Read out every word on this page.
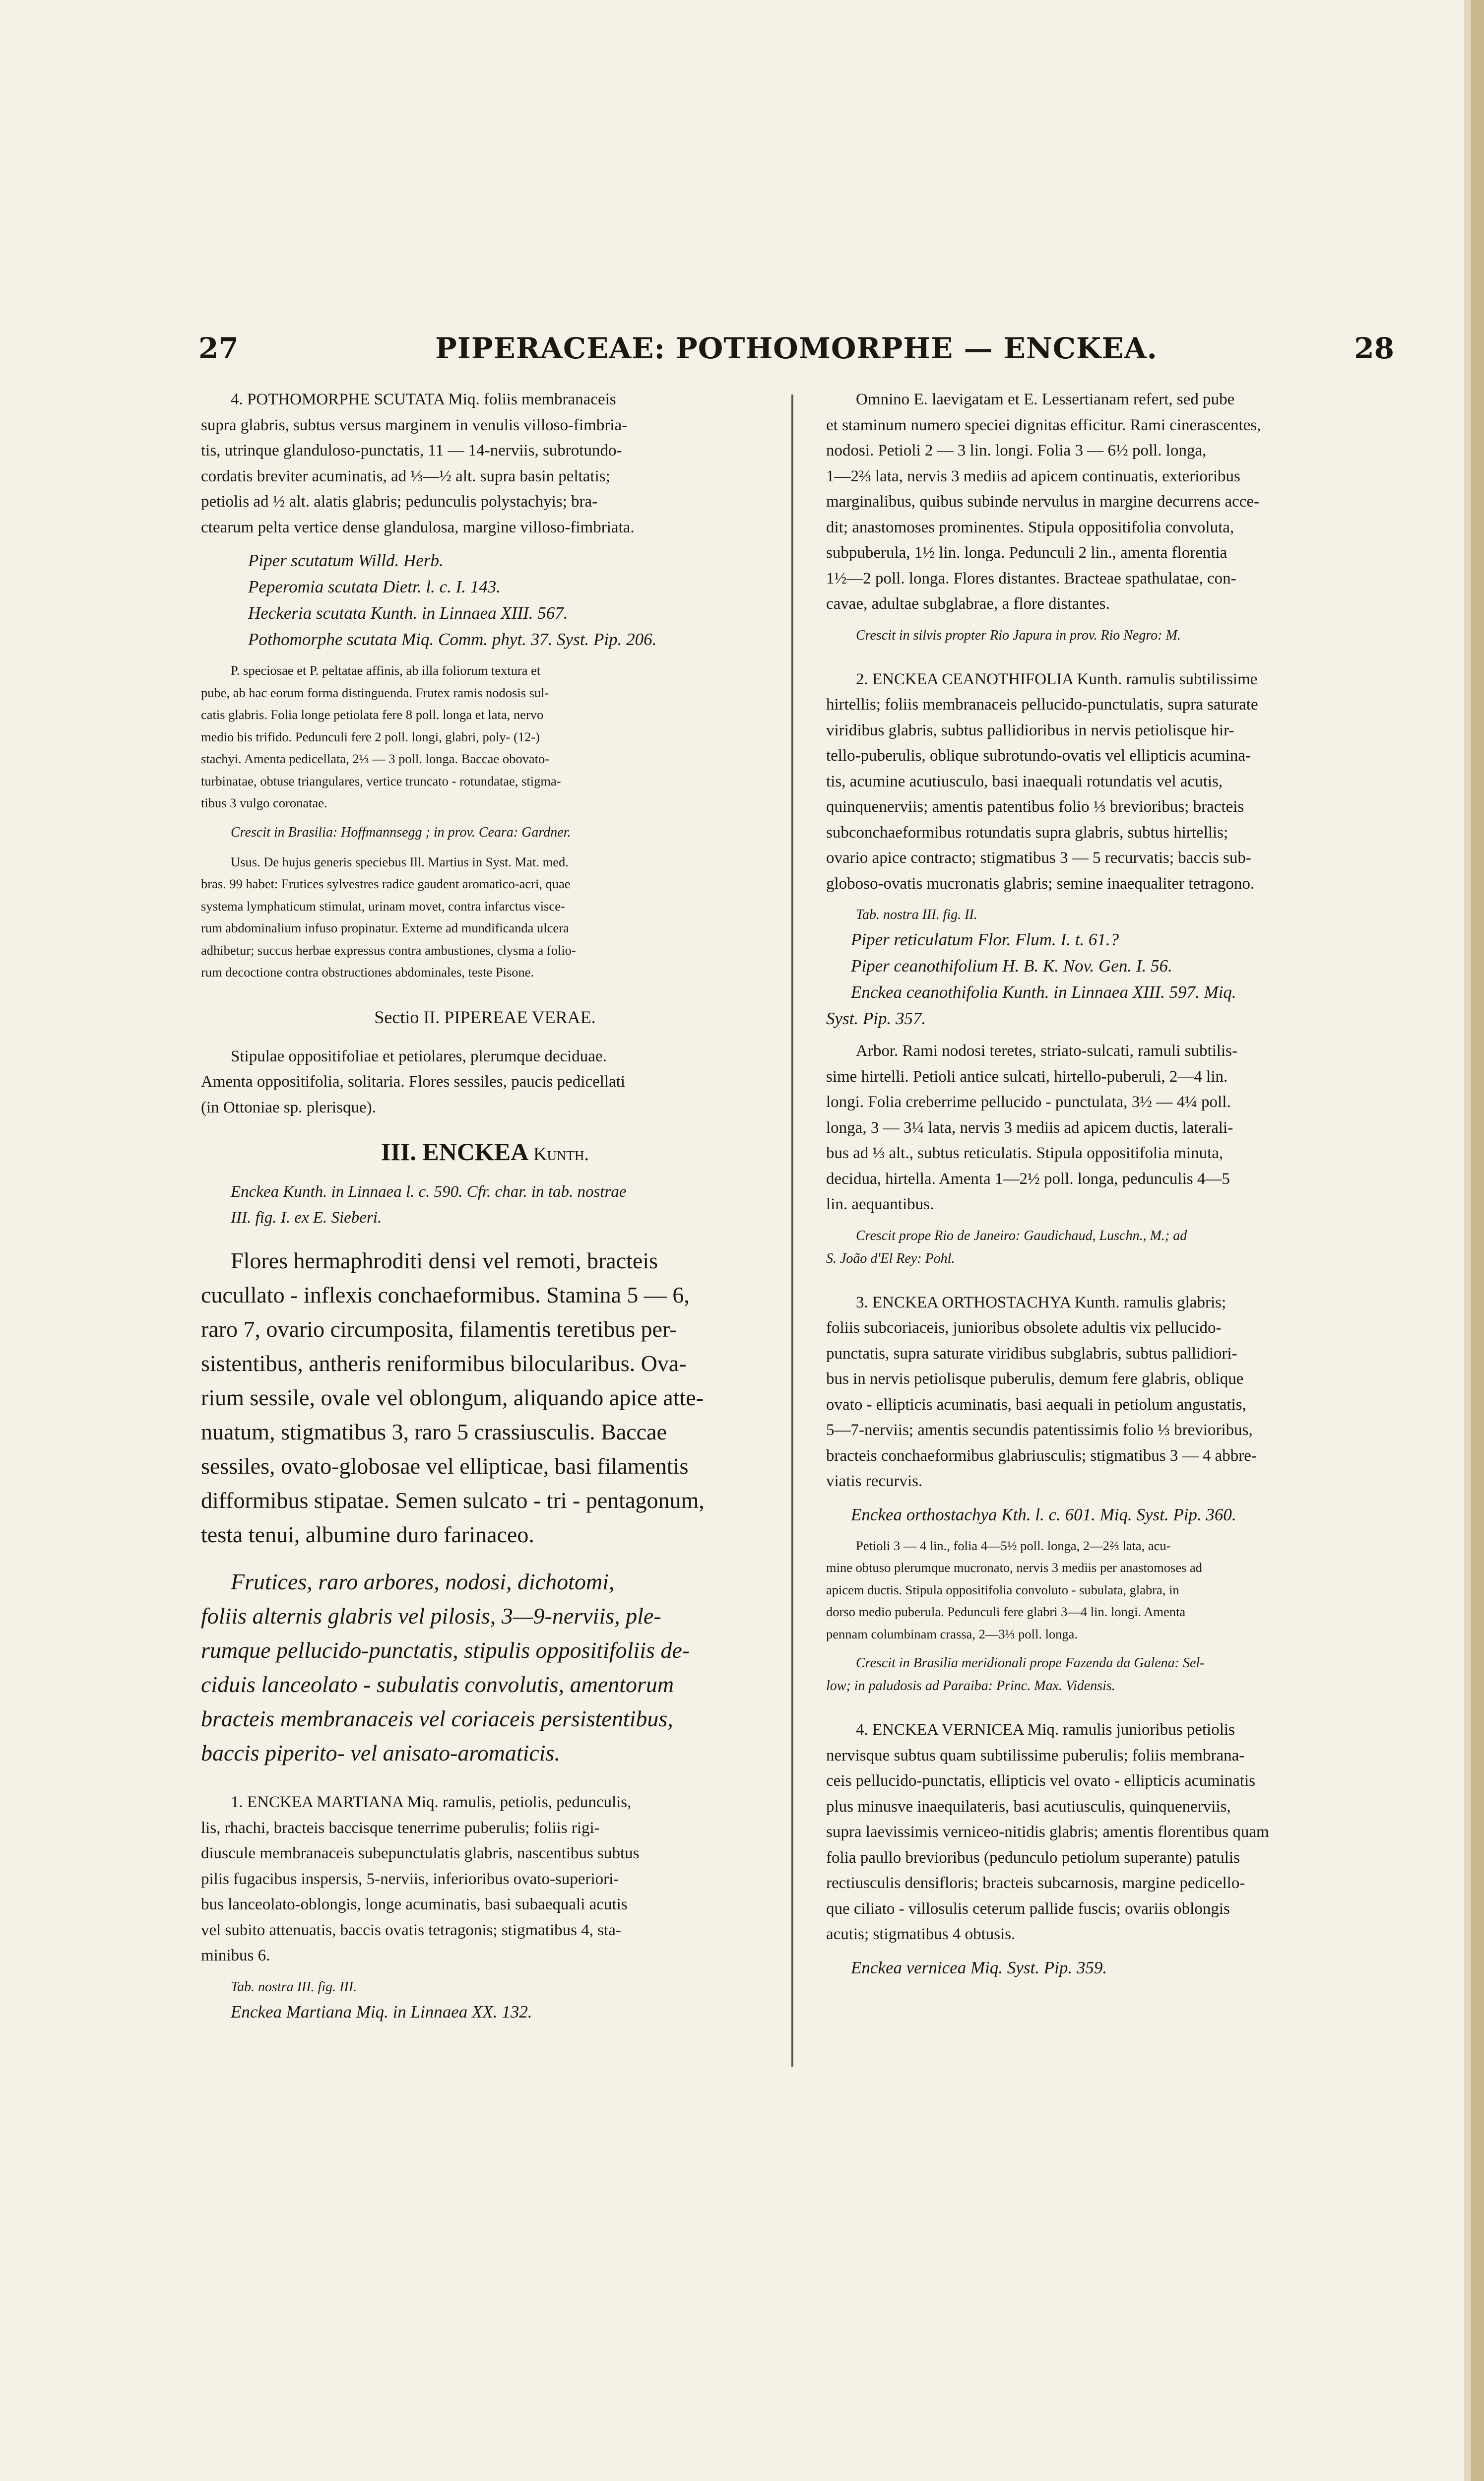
27	PIPERACEAE: POTHOMORPHE — ENCKEA.	28
4. POTHOMORPHE SCUTATA Miq. foliis membranaceis
supra glabris, subtus versus marginem in venulis villoso-fimbria-
tis, utrinque glanduloso-punctatis, 11 — 14-nerviis, subrotundo-
cordatis breviter acuminatis, ad ⅓—½ alt. supra basin peltatis;
petiolis ad ½ alt. alatis glabris; pedunculis polystachyis; bra-
ctearum pelta vertice dense glandulosa, margine villoso-fimbriata.
Piper scutatum Willd. Herb.
Peperomia scutata Dietr. l. c. I. 143.
Heckeria scutata Kunth. in Linnaea XIII. 567.
Pothomorphe scutata Miq. Comm. phyt. 37. Syst. Pip. 206.
P. speciosae et P. peltatae affinis, ab illa foliorum textura et
pube, ab hac eorum forma distinguenda. Frutex ramis nodosis sul-
catis glabris. Folia longe petiolata fere 8 poll. longa et lata, nervo
medio bis trifido. Pedunculi fere 2 poll. longi, glabri, poly- (12-)
stachyi. Amenta pedicellata, 2⅓ — 3 poll. longa. Baccae obovato-
turbinatae, obtuse triangulares, vertice truncato - rotundatae, stigma-
tibus 3 vulgo coronatae.
Crescit in Brasilia: Hoffmannsegg ; in prov. Ceara: Gardner.
Usus. De hujus generis speciebus Ill. Martius in Syst. Mat. med.
bras. 99 habet: Frutices sylvestres radice gaudent aromatico-acri, quae
systema lymphaticum stimulat, urinam movet, contra infarctus visce-
rum abdominalium infuso propinatur. Externe ad mundificanda ulcera
adhibetur; succus herbae expressus contra ambustiones, clysma a folio-
rum decoctione contra obstructiones abdominales, teste Pisone.
Sectio II. PIPEREAE VERAE.
Stipulae oppositifoliae et petiolares, plerumque deciduae.
Amenta oppositifolia, solitaria. Flores sessiles, paucis pedicellati
(in Ottoniae sp. plerisque).
III. ENCKEA Kunth.
Enckea Kunth. in Linnaea l. c. 590. Cfr. char. in tab. nostrae
III. fig. I. ex E. Sieberi.
Flores hermaphroditi densi vel remoti, bracteis
cucullato - inflexis conchaeformibus. Stamina 5 — 6,
raro 7, ovario circumposita, filamentis teretibus per-
sistentibus, antheris reniformibus bilocularibus. Ova-
rium sessile, ovale vel oblongum, aliquando apice atte-
nuatum, stigmatibus 3, raro 5 crassiusculis. Baccae
sessiles, ovato-globosae vel ellipticae, basi filamentis
difformibus stipatae. Semen sulcato - tri - pentagonum,
testa tenui, albumine duro farinaceo.
Frutices, raro arbores, nodosi, dichotomi,
foliis alternis glabris vel pilosis, 3—9-nerviis, ple-
rumque pellucido-punctatis, stipulis oppositifoliis de-
ciduis lanceolato - subulatis convolutis, amentorum
bracteis membranaceis vel coriaceis persistentibus,
baccis piperito- vel anisato-aromaticis.
1. ENCKEA MARTIANA Miq. ramulis, petiolis, pedunculis,
lis, rhachi, bracteis baccisque tenerrime puberulis; foliis rigi-
diuscule membranaceis subepunctulatis glabris, nascentibus subtus
pilis fugacibus inspersis, 5-nerviis, inferioribus ovato-superiori-
bus lanceolato-oblongis, longe acuminatis, basi subaequali acutis
vel subito attenuatis, baccis ovatis tetragonis; stigmatibus 4, sta-
minibus 6.
Tab. nostra III. fig. III.
Enckea Martiana Miq. in Linnaea XX. 132.
Omnino E. laevigatam et E. Lessertianam refert, sed pube
et staminum numero speciei dignitas efficitur. Rami cinerascentes,
nodosi. Petioli 2 — 3 lin. longi. Folia 3 — 6½ poll. longa,
1—2⅔ lata, nervis 3 mediis ad apicem continuatis, exterioribus
marginalibus, quibus subinde nervulus in margine decurrens acce-
dit; anastomoses prominentes. Stipula oppositifolia convoluta,
subpuberula, 1½ lin. longa. Pedunculi 2 lin., amenta florentia
1½—2 poll. longa. Flores distantes. Bracteae spathulatae, con-
cavae, adultae subglabrae, a flore distantes.
Crescit in silvis propter Rio Japura in prov. Rio Negro: M.
2. ENCKEA CEANOTHIFOLIA Kunth. ramulis subtilissime
hirtellis; foliis membranaceis pellucido-punctulatis, supra saturate
viridibus glabris, subtus pallidioribus in nervis petiolisque hir-
tello-puberulis, oblique subrotundo-ovatis vel ellipticis acumina-
tis, acumine acutiusculo, basi inaequali rotundatis vel acutis,
quinquenerviis; amentis patentibus folio ⅓ brevioribus; bracteis
subconchaeformibus rotundatis supra glabris, subtus hirtellis;
ovario apice contracto; stigmatibus 3 — 5 recurvatis; baccis sub-
globoso-ovatis mucronatis glabris; semine inaequaliter tetragono.
Tab. nostra III. fig. II.
Piper reticulatum Flor. Flum. I. t. 61.?
Piper ceanothifolium H. B. K. Nov. Gen. I. 56.
Enckea ceanothifolia Kunth. in Linnaea XIII. 597. Miq.
Syst. Pip. 357.
Arbor. Rami nodosi teretes, striato-sulcati, ramuli subtilis-
sime hirtelli. Petioli antice sulcati, hirtello-puberuli, 2—4 lin.
longi. Folia creberrime pellucido - punctulata, 3½ — 4¼ poll.
longa, 3 — 3¼ lata, nervis 3 mediis ad apicem ductis, laterali-
bus ad ⅓ alt., subtus reticulatis. Stipula oppositifolia minuta,
decidua, hirtella. Amenta 1—2½ poll. longa, pedunculis 4—5
lin. aequantibus.
Crescit prope Rio de Janeiro: Gaudichaud, Luschn., M.; ad
S. João d'El Rey: Pohl.
3. ENCKEA ORTHOSTACHYA Kunth. ramulis glabris;
foliis subcoriaceis, junioribus obsolete adultis vix pellucido-
punctatis, supra saturate viridibus subglabris, subtus pallidiori-
bus in nervis petiolisque puberulis, demum fere glabris, oblique
ovato - ellipticis acuminatis, basi aequali in petiolum angustatis,
5—7-nerviis; amentis secundis patentissimis folio ⅓ brevioribus,
bracteis conchaeformibus glabriusculis; stigmatibus 3 — 4 abbre-
viatis recurvis.
Enckea orthostachya Kth. l. c. 601. Miq. Syst. Pip. 360.
Petioli 3 — 4 lin., folia 4—5½ poll. longa, 2—2⅔ lata, acu-
mine obtuso plerumque mucronato, nervis 3 mediis per anastomoses ad
apicem ductis. Stipula oppositifolia convoluto - subulata, glabra, in
dorso medio puberula. Pedunculi fere glabri 3—4 lin. longi. Amenta
pennam columbinam crassa, 2—3⅓ poll. longa.
Crescit in Brasilia meridionali prope Fazenda da Galena: Sel-
low; in paludosis ad Paraiba: Princ. Max. Vidensis.
4. ENCKEA VERNICEA Miq. ramulis junioribus petiolis
nervisque subtus quam subtilissime puberulis; foliis membrana-
ceis pellucido-punctatis, ellipticis vel ovato - ellipticis acuminatis
plus minusve inaequilateris, basi acutiusculis, quinquenerviis,
supra laevissimis verniceo-nitidis glabris; amentis florentibus quam
folia paullo brevioribus (pedunculo petiolum superante) patulis
rectiusculis densifloris; bracteis subcarnosis, margine pedicello-
que ciliato - villosulis ceterum pallide fuscis; ovariis oblongis
acutis; stigmatibus 4 obtusis.
Enckea vernicea Miq. Syst. Pip. 359.
